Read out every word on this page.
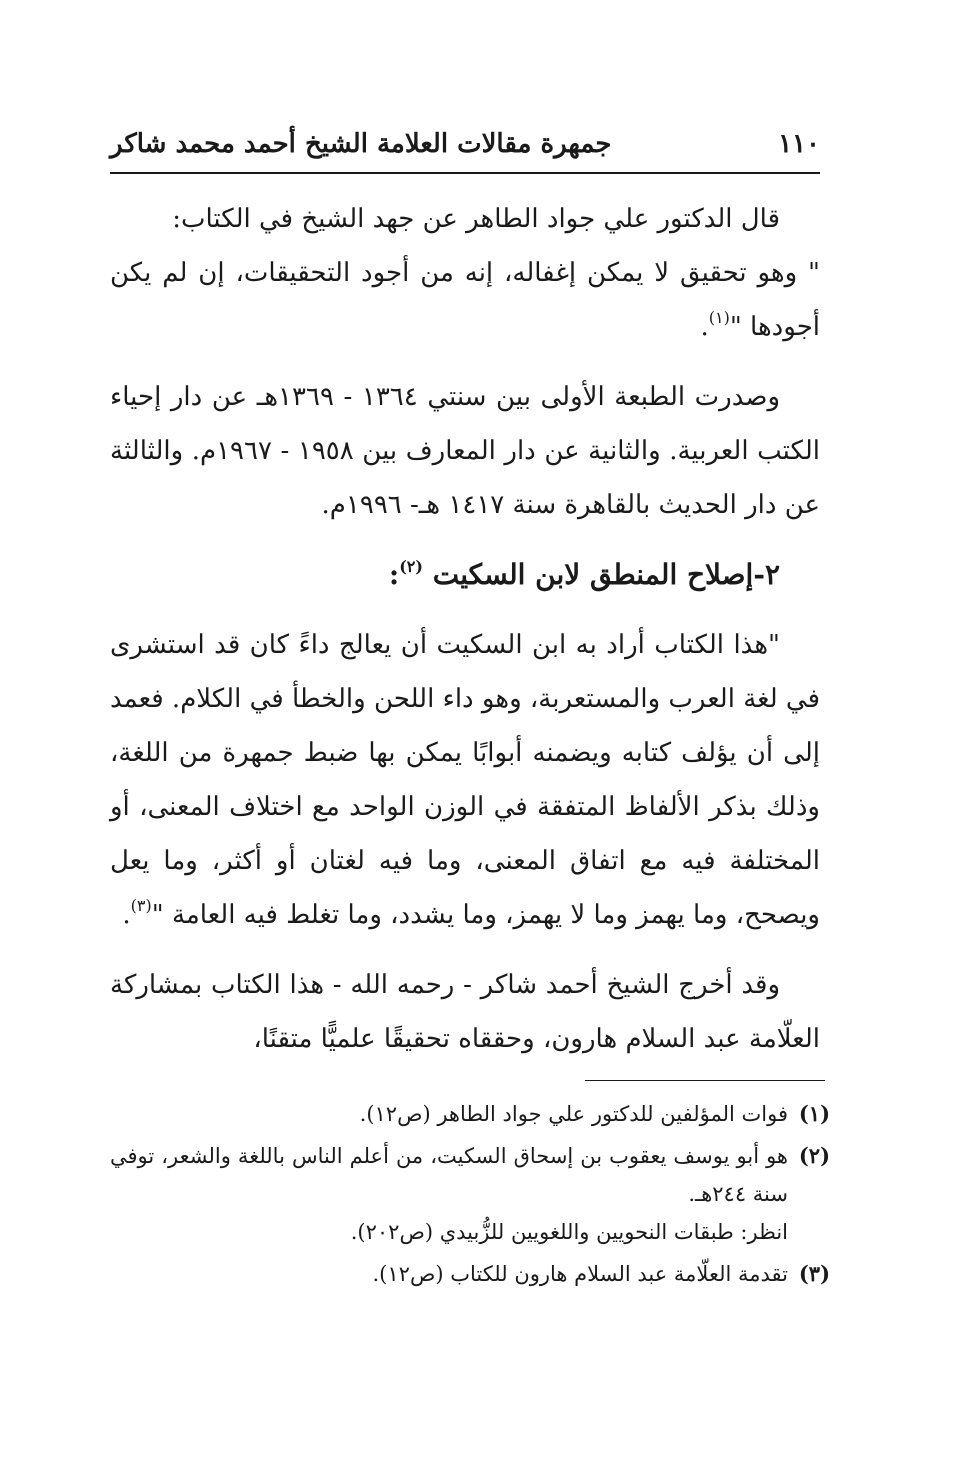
١١٠
جمهرة مقالات العلامة الشيخ أحمد محمد شاكر

قال الدكتور علي جواد الطاهر عن جهد الشيخ في الكتاب:
" وهو تحقيق لا يمكن إغفاله، إنه من أجود التحقيقات، إن لم يكن أجودها "$^{(١)}$.

وصدرت الطبعة الأولى بين سنتي ١٣٦٤ - ١٣٦٩هـ عن دار إحياء الكتب العربية. والثانية عن دار المعارف بين ١٩٥٨ - ١٩٦٧م. والثالثة عن دار الحديث بالقاهرة سنة ١٤١٧ هـ- ١٩٩٦م.

٢-إصلاح المنطق لابن السكيت $^{(٢)}$:

"هذا الكتاب أراد به ابن السكيت أن يعالج داءً كان قد استشرى في لغة العرب والمستعربة، وهو داء اللحن والخطأ في الكلام. فعمد إلى أن يؤلف كتابه ويضمنه أبوابًا يمكن بها ضبط جمهرة من اللغة، وذلك بذكر الألفاظ المتفقة في الوزن الواحد مع اختلاف المعنى، أو المختلفة فيه مع اتفاق المعنى، وما فيه لغتان أو أكثر، وما يعل ويصحح، وما يهمز وما لا يهمز، وما يشدد، وما تغلط فيه العامة "$^{(٣)}$.

وقد أخرج الشيخ أحمد شاكر - رحمه الله - هذا الكتاب بمشاركة العلّامة عبد السلام هارون، وحققاه تحقيقًا علميًّا متقنًا،

(١)
فوات المؤلفين للدكتور علي جواد الطاهر (ص١٢).
(٢)
هو أبو يوسف يعقوب بن إسحاق السكيت، من أعلم الناس باللغة والشعر، توفي سنة ٢٤٤هـ.
انظر: طبقات النحويين واللغويين للزُّبيدي (ص٢٠٢).
(٣)
تقدمة العلّامة عبد السلام هارون للكتاب (ص١٢).
